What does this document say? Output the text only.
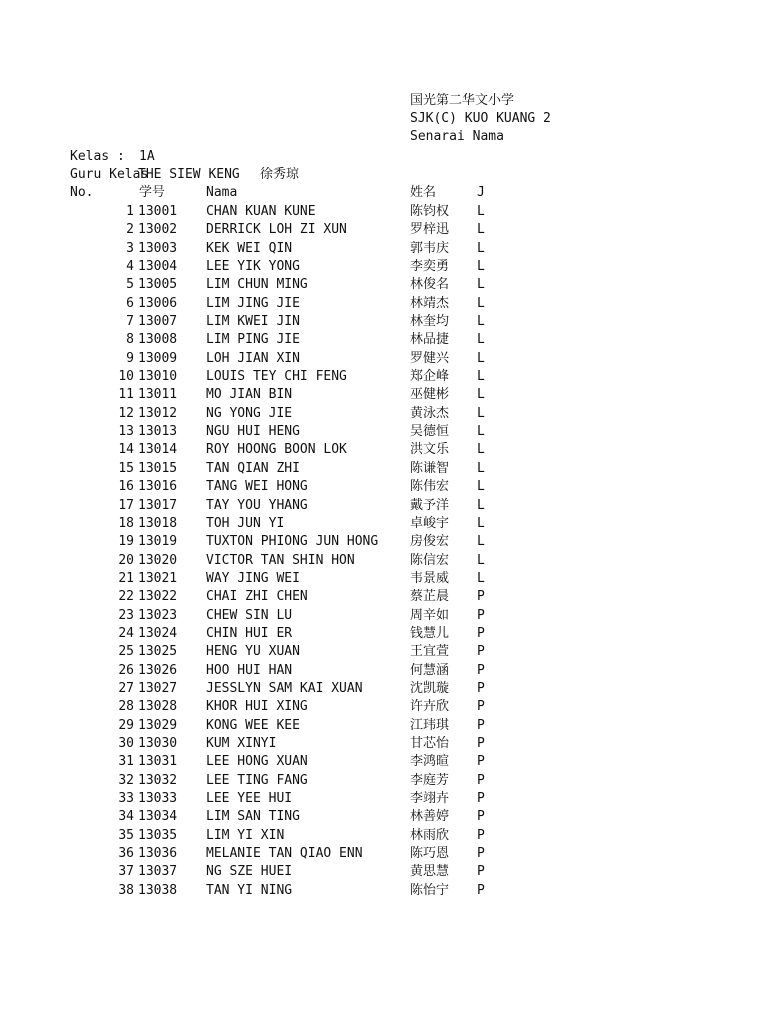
国光第二华文小学
SJK(C) KUO KUANG 2
Senarai Nama
Kelas : 1A
Guru Kelas
THE SIEW KENG 徐秀琼
No.	学号	Nama	姓名	J
1 13001 CHAN KUAN KUNE	陈钧权 L
2 13002 DERRICK LOH ZI XUN	罗梓迅 L
3 13003 KEK WEI QIN	郭韦庆 L
4 13004 LEE YIK YONG	李奕勇 L
5 13005 LIM CHUN MING	林俊名 L
6 13006 LIM JING JIE	林靖杰 L
7 13007 LIM KWEI JIN	林奎均 L
8 13008 LIM PING JIE	林品捷 L
9 13009 LOH JIAN XIN	罗健兴 L
10 13010 LOUIS TEY CHI FENG	郑企峰 L
11 13011 MO JIAN BIN	巫健彬 L
12 13012 NG YONG JIE	黄泳杰 L
13 13013 NGU HUI HENG	吴德恒 L
14 13014 ROY HOONG BOON LOK	洪文乐 L
15 13015 TAN QIAN ZHI	陈谦智 L
16 13016 TANG WEI HONG	陈伟宏 L
17 13017 TAY YOU YHANG	戴予洋 L
18 13018 TOH JUN YI	卓峻宇 L
19 13019 TUXTON PHIONG JUN HONG 房俊宏 L
20 13020 VICTOR TAN SHIN HON	陈信宏 L
21 13021 WAY JING WEI	韦景威 L
22 13022 CHAI ZHI CHEN	蔡芷晨 P
23 13023 CHEW SIN LU	周辛如 P
24 13024 CHIN HUI ER	钱慧儿 P
25 13025 HENG YU XUAN	王宜萱 P
26 13026 HOO HUI HAN	何慧涵 P
27 13027 JESSLYN SAM KAI XUAN	沈凯璇 P
28 13028 KHOR HUI XING	许卉欣 P
29 13029 KONG WEE KEE	江玮琪 P
30 13030 KUM XINYI	甘芯怡 P
31 13031 LEE HONG XUAN	李鸿暄 P
32 13032 LEE TING FANG	李庭芳 P
33 13033 LEE YEE HUI	李翊卉 P
34 13034 LIM SAN TING	林善婷 P
35 13035 LIM YI XIN	林雨欣 P
36 13036 MELANIE TAN QIAO ENN	陈巧恩 P
37 13037 NG SZE HUEI	黄思慧 P
38 13038 TAN YI NING	陈怡宁 P
